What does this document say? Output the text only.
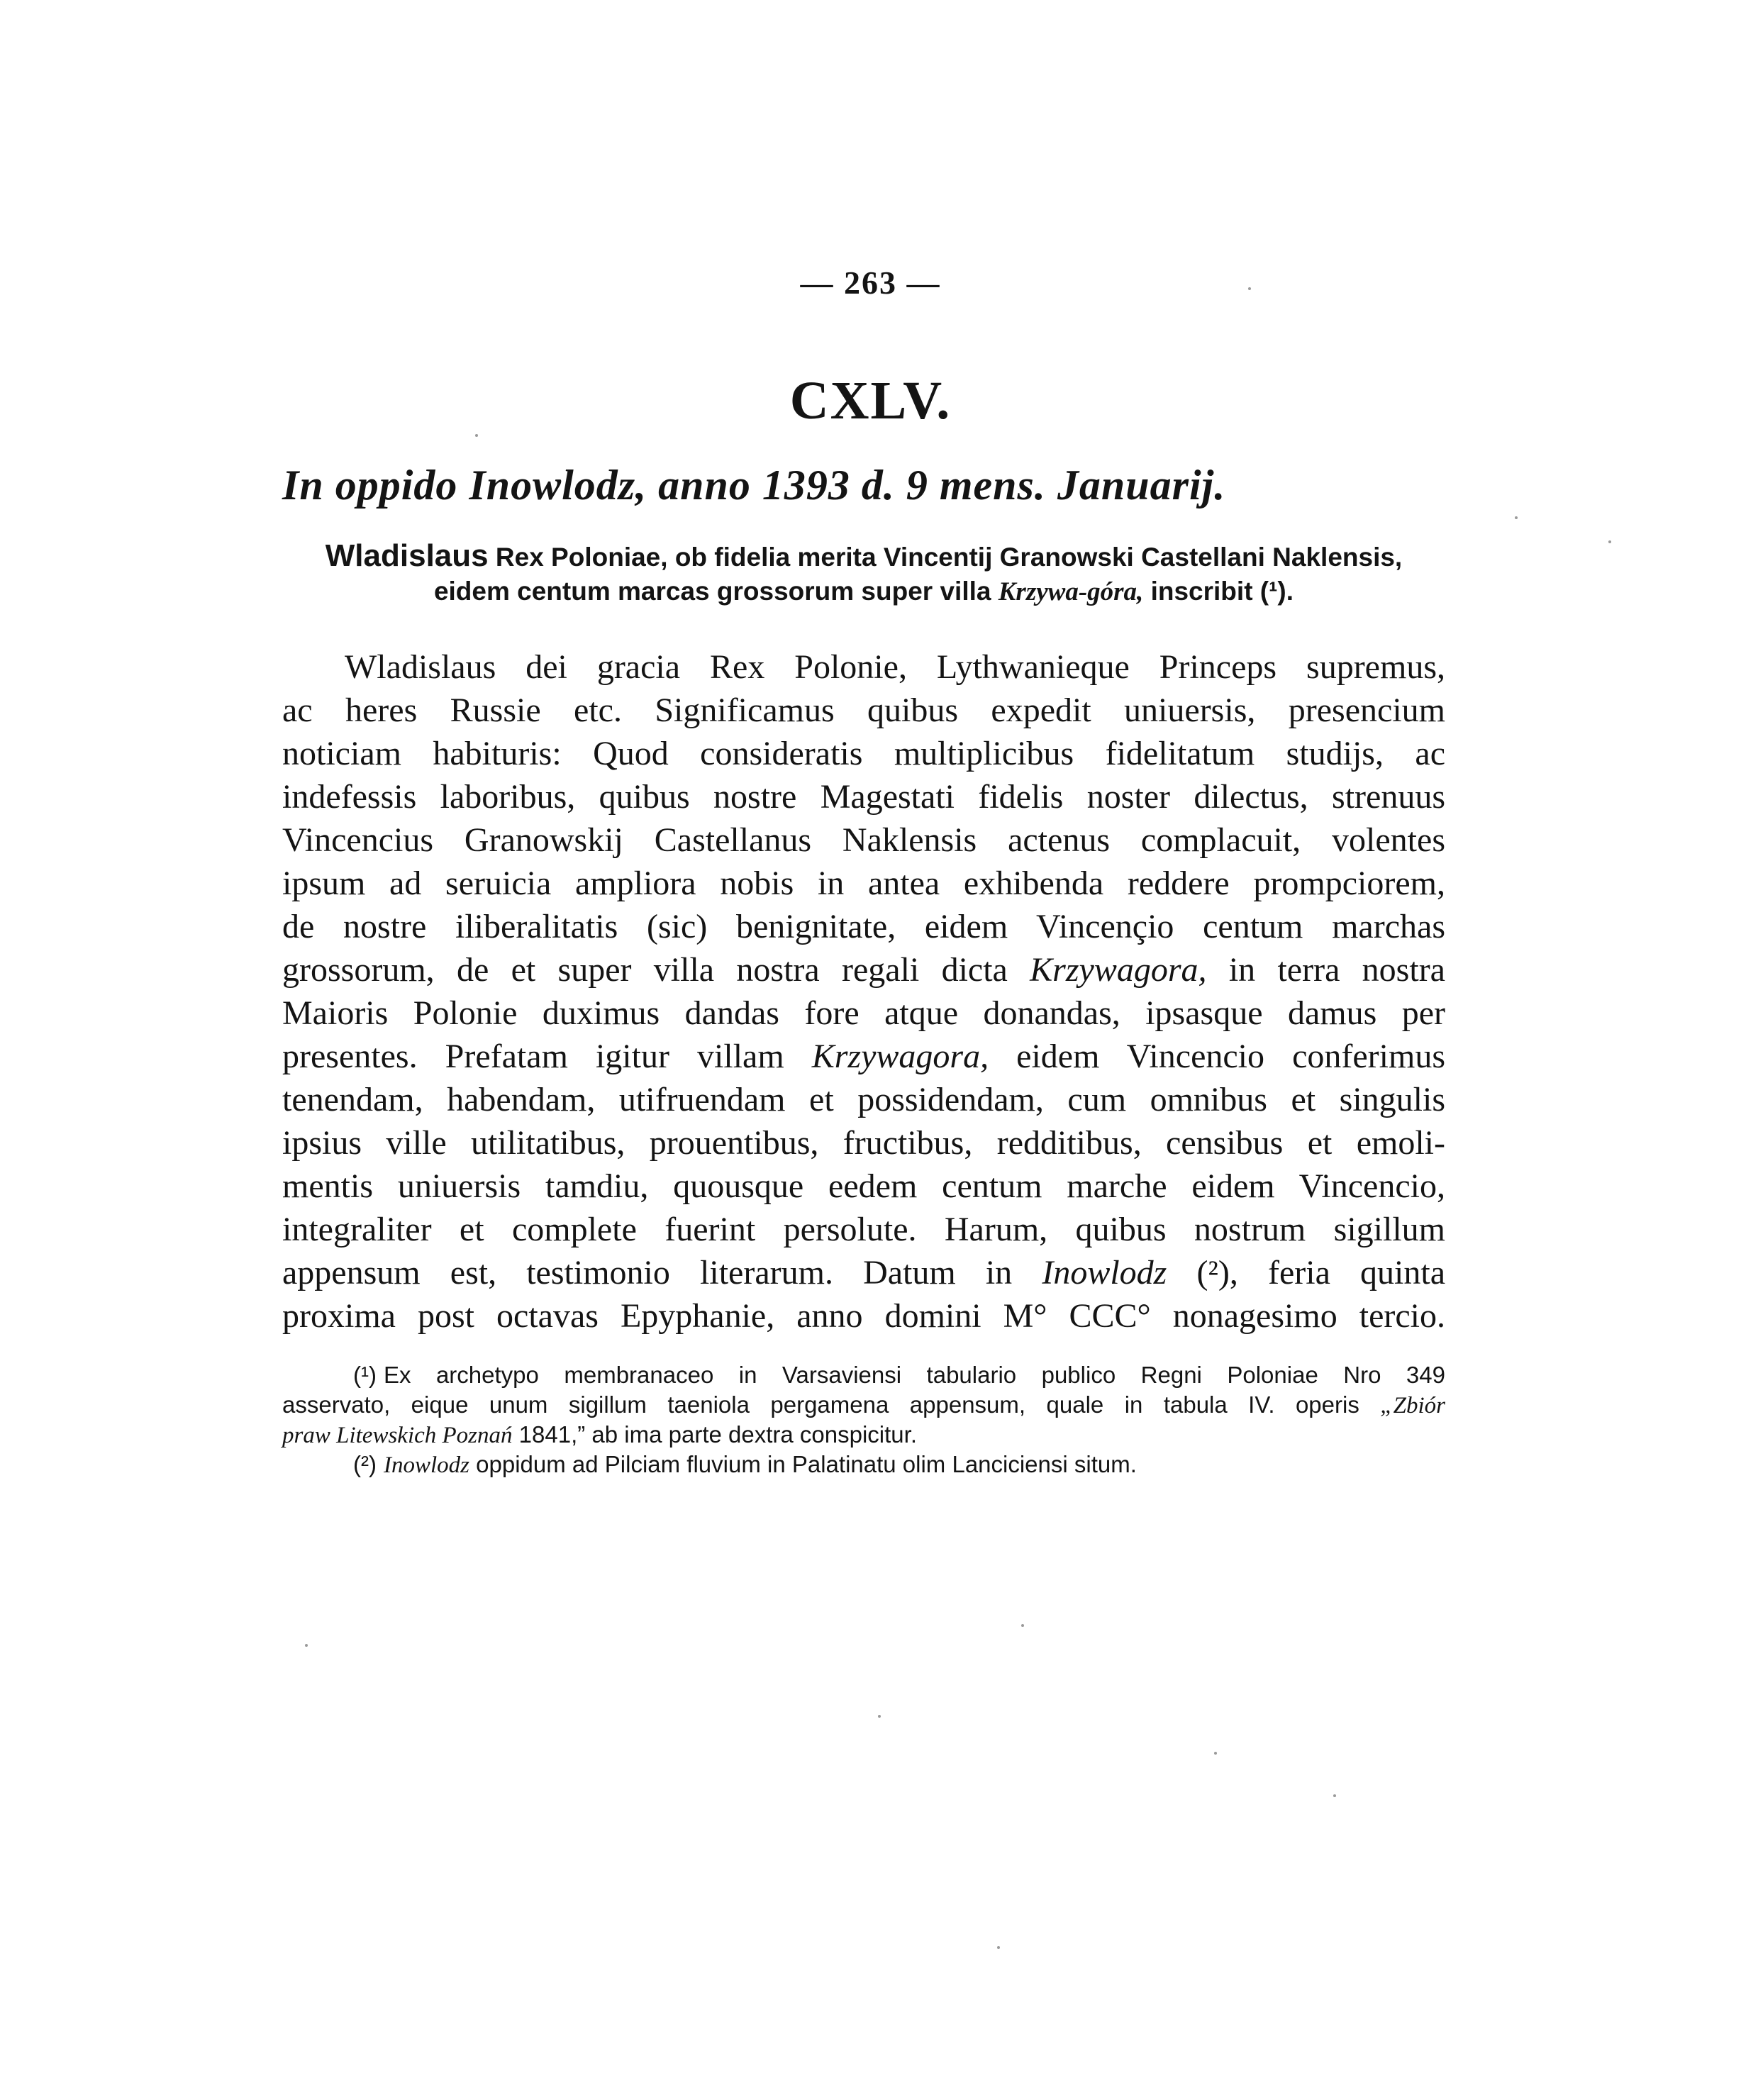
— 263 —
CXLV.
In oppido Inowlodz, anno 1393 d. 9 mens. Januarij.
Wladislaus Rex Poloniae, ob fidelia merita Vincentij Granowski Castellani Naklensis,
eidem centum marcas grossorum super villa Krzywa-góra, inscribit (¹).
Wladislaus dei gracia Rex Polonie, Lythwanieque Princeps supremus,
ac heres Russie etc. Significamus quibus expedit uniuersis, presencium
noticiam habituris: Quod consideratis multiplicibus fidelitatum studijs, ac
indefessis laboribus, quibus nostre Magestati fidelis noster dilectus, strenuus
Vincencius Granowskij Castellanus Naklensis actenus complacuit, volentes
ipsum ad seruicia ampliora nobis in antea exhibenda reddere prompciorem,
de nostre iliberalitatis (sic) benignitate, eidem Vincençio centum marchas
grossorum, de et super villa nostra regali dicta Krzywagora, in terra nostra
Maioris Polonie duximus dandas fore atque donandas, ipsasque damus per
presentes. Prefatam igitur villam Krzywagora, eidem Vincencio conferimus
tenendam, habendam, utifruendam et possidendam, cum omnibus et singulis
ipsius ville utilitatibus, prouentibus, fructibus, redditibus, censibus et emoli-
mentis uniuersis tamdiu, quousque eedem centum marche eidem Vincencio,
integraliter et complete fuerint persolute. Harum, quibus nostrum sigillum
appensum est, testimonio literarum. Datum in Inowlodz (²), feria quinta
proxima post octavas Epyphanie, anno domini M° CCC° nonagesimo tercio.
(¹) Ex archetypo membranaceo in Varsaviensi tabulario publico Regni Poloniae Nro 349
asservato, eique unum sigillum taeniola pergamena appensum, quale in tabula IV. operis „Zbiór
praw Litewskich Poznań 1841,” ab ima parte dextra conspicitur.
(²) Inowlodz oppidum ad Pilciam fluvium in Palatinatu olim Lanciciensi situm.
